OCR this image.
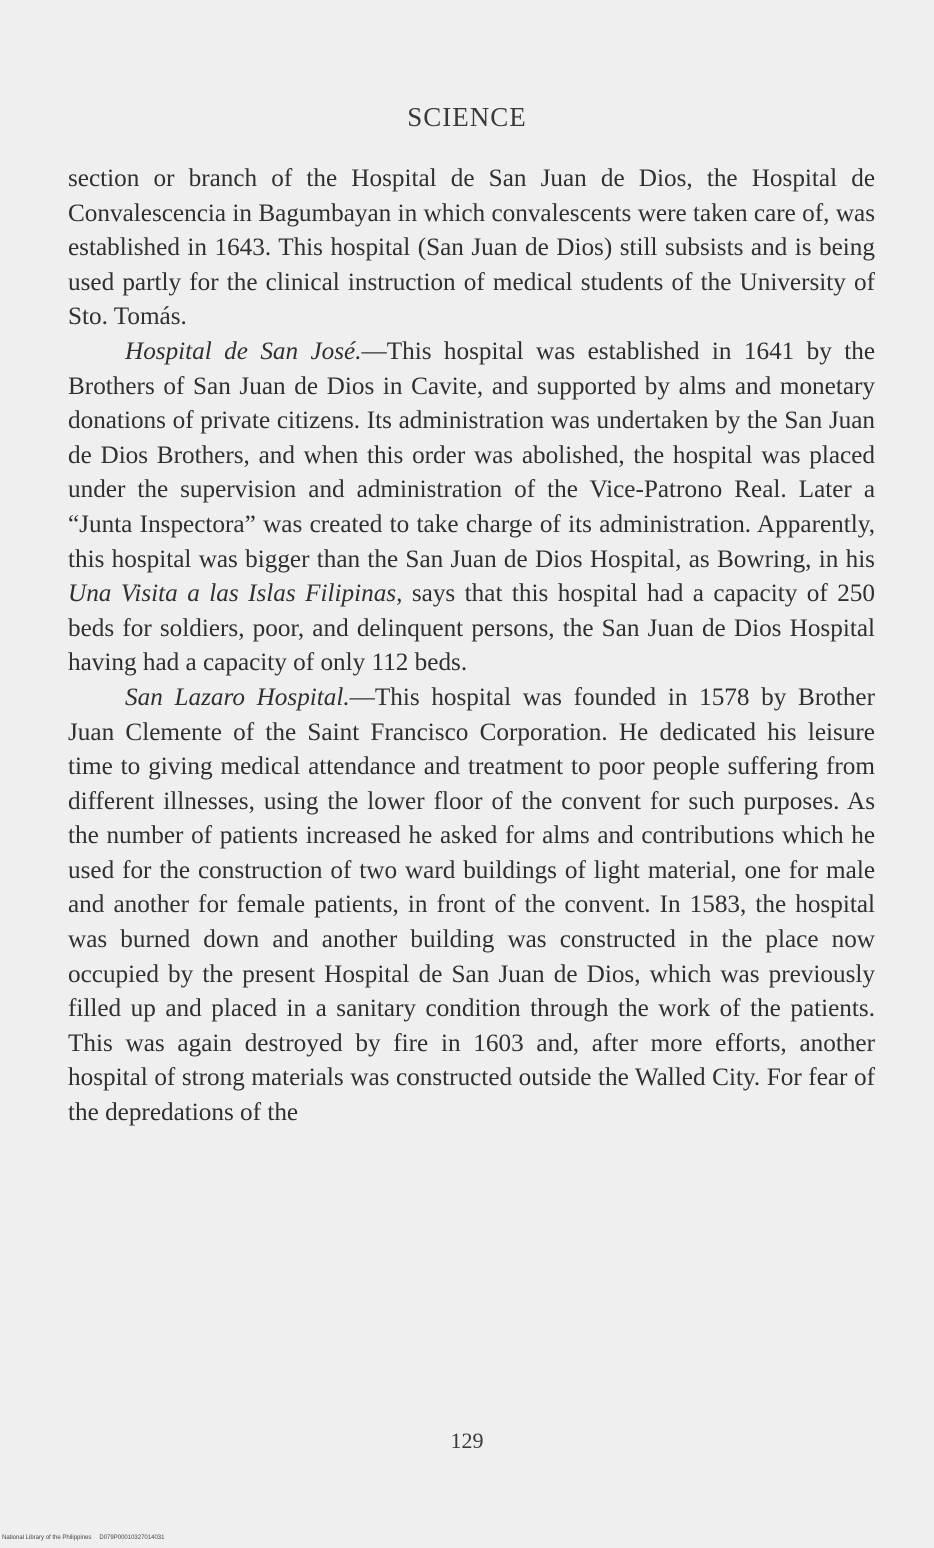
SCIENCE

section or branch of the Hospital de San Juan de Dios, the Hospital de Convalescencia in Bagumbayan in which convalescents were taken care of, was established in 1643. This hospital (San Juan de Dios) still subsists and is being used partly for the clinical instruction of medical students of the University of Sto. Tomás.

Hospital de San José.—This hospital was established in 1641 by the Brothers of San Juan de Dios in Cavite, and supported by alms and monetary donations of private citizens. Its administration was undertaken by the San Juan de Dios Brothers, and when this order was abolished, the hospital was placed under the supervision and administration of the Vice-Patrono Real. Later a “Junta Inspectora” was created to take charge of its administration. Apparently, this hospital was bigger than the San Juan de Dios Hospital, as Bowring, in his Una Visita a las Islas Filipinas, says that this hospital had a capacity of 250 beds for soldiers, poor, and delinquent persons, the San Juan de Dios Hospital having had a capacity of only 112 beds.

San Lazaro Hospital.—This hospital was founded in 1578 by Brother Juan Clemente of the Saint Francisco Corporation. He dedicated his leisure time to giving medical attendance and treatment to poor people suffering from different illnesses, using the lower floor of the convent for such purposes. As the number of patients increased he asked for alms and contributions which he used for the construction of two ward buildings of light material, one for male and another for female patients, in front of the convent. In 1583, the hospital was burned down and another building was constructed in the place now occupied by the present Hospital de San Juan de Dios, which was previously filled up and placed in a sanitary condition through the work of the patients. This was again destroyed by fire in 1603 and, after more efforts, another hospital of strong materials was constructed outside the Walled City. For fear of the depredations of the

129
National Library of the Philippines D079P00010327014031
